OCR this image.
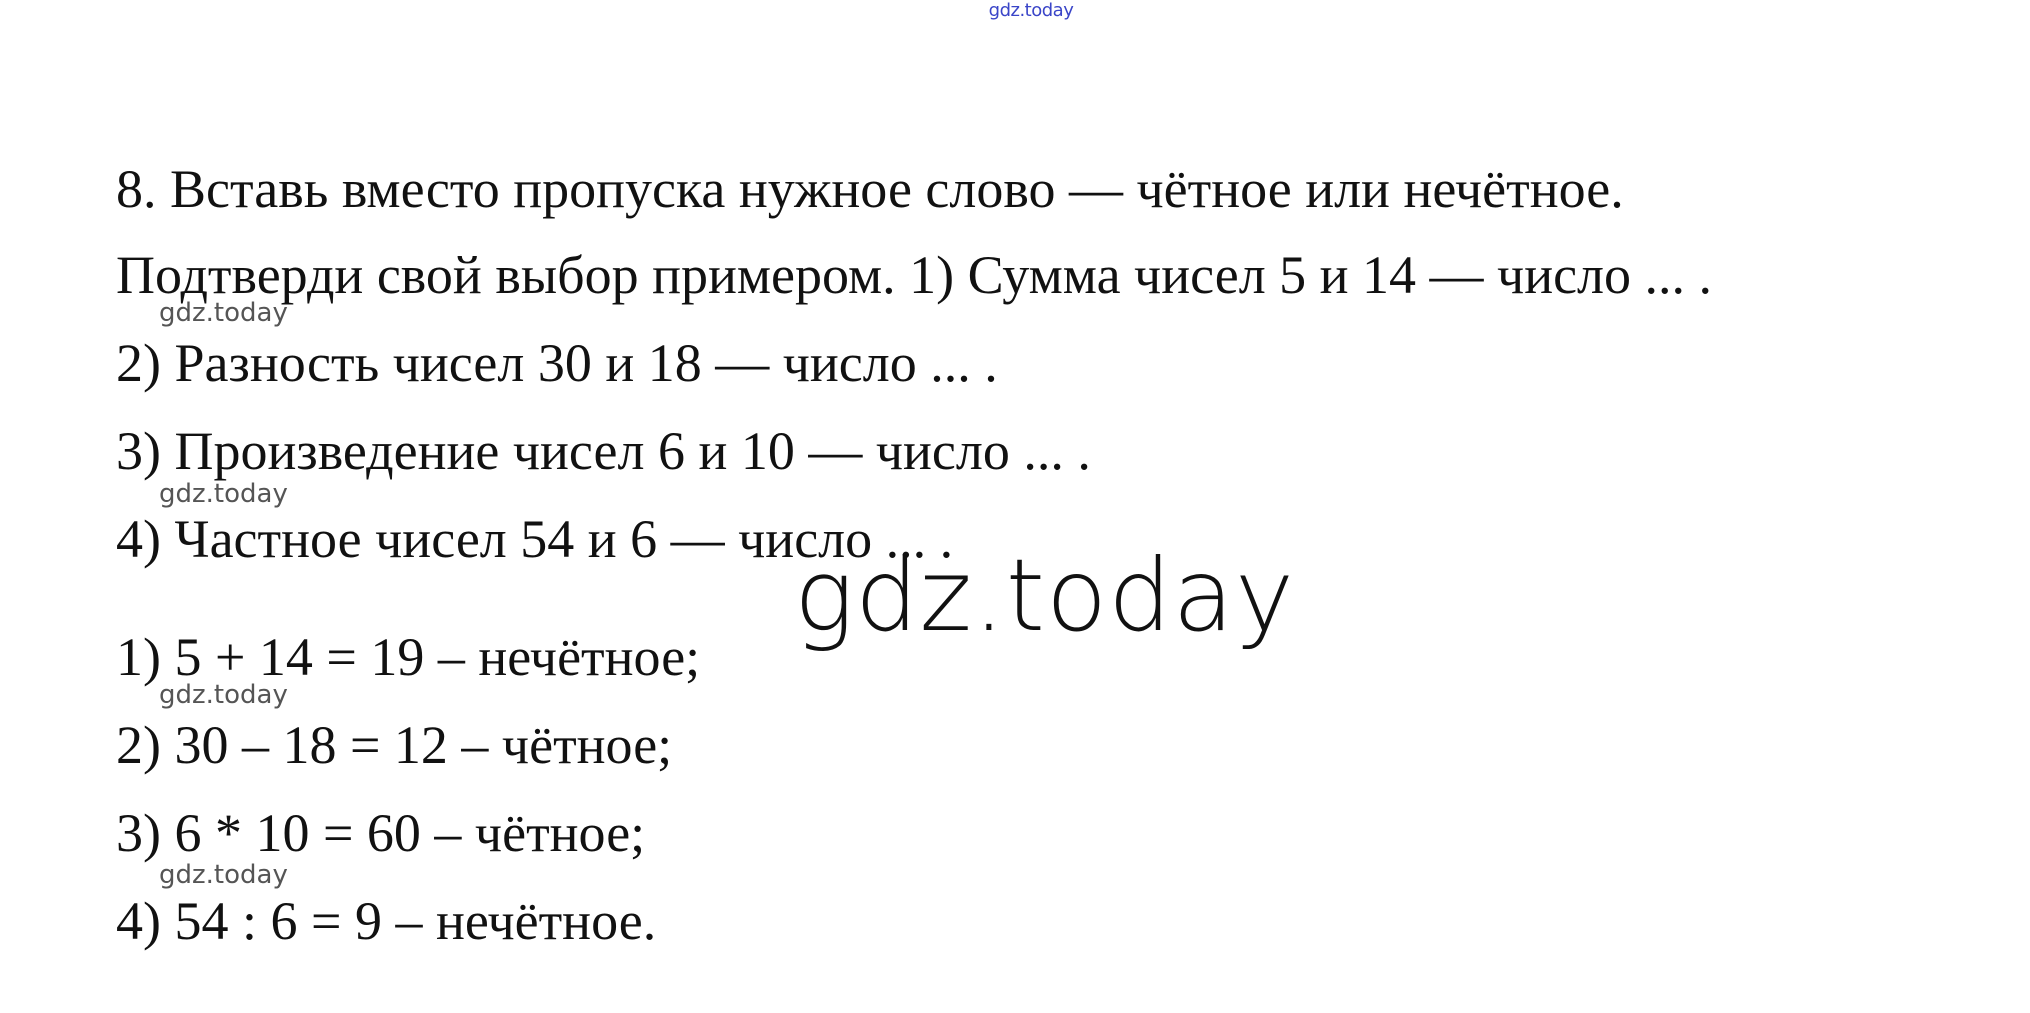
gdz.today
8. Вставь вместо пропуска нужное слово — чётное или нечётное.
Подтверди свой выбор примером. 1) Сумма чисел 5 и 14 — число ... .
gdz.today
2) Разность чисел 30 и 18 — число ... .
3) Произведение чисел 6 и 10 — число ... .
gdz.today
4) Частное чисел 54 и 6 — число ... .
gdz.today
1) 5 + 14 = 19 – нечётное;
gdz.today
2) 30 – 18 = 12 – чётное;
3) 6 * 10 = 60 – чётное;
gdz.today
4) 54 : 6 = 9 – нечётное.
